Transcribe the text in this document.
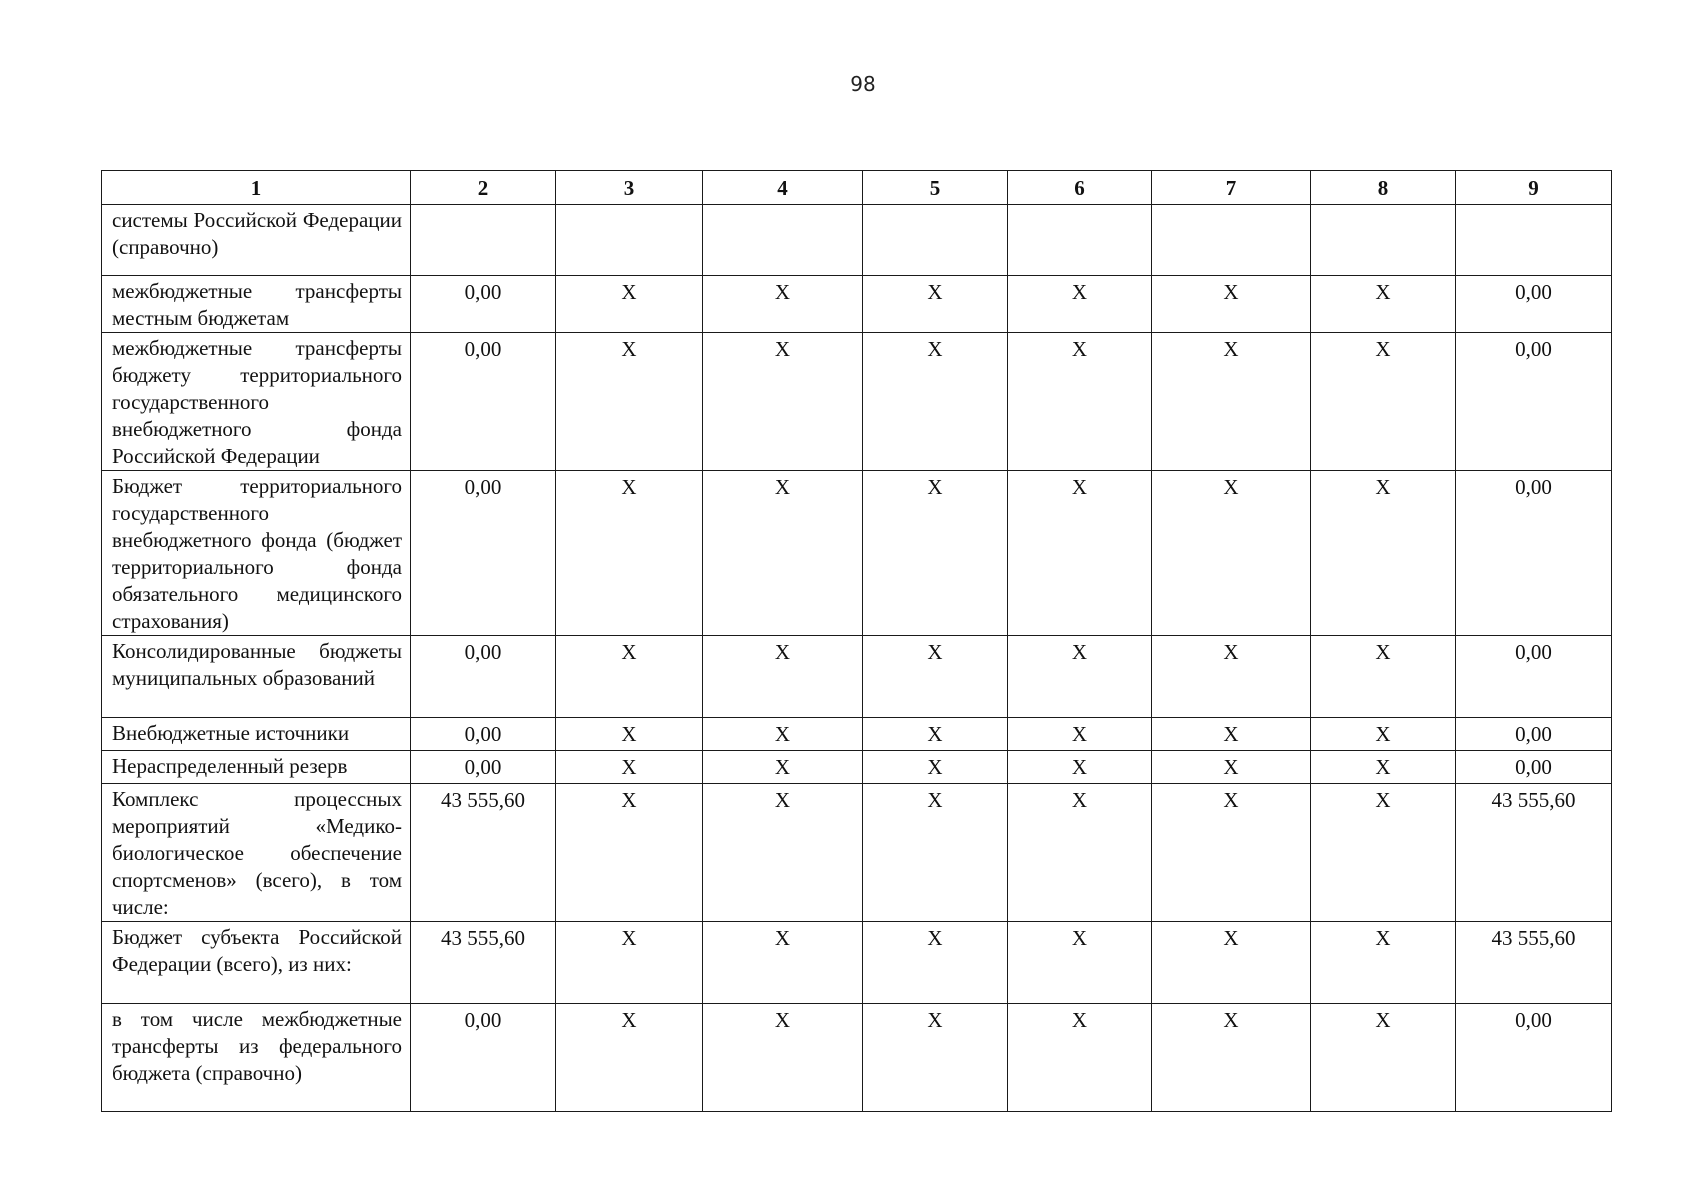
98
1	2	3	4	5	6	7	8	9
системы Российской Федерации (справочно)								
межбюджетные трансферты местным бюджетам	0,00	X	X	X	X	X	X	0,00
межбюджетные трансферты бюджету территориального государственного внебюджетного фонда Российской Федерации	0,00	X	X	X	X	X	X	0,00
Бюджет территориального государственного внебюджетного фонда (бюджет территориального фонда обязательного медицинского страхования)	0,00	X	X	X	X	X	X	0,00
Консолидированные бюджеты муниципальных образований	0,00	X	X	X	X	X	X	0,00
Внебюджетные источники	0,00	X	X	X	X	X	X	0,00
Нераспределенный резерв	0,00	X	X	X	X	X	X	0,00
Комплекс процессных мероприятий «Медико-биологическое обеспечение спортсменов» (всего), в том числе:	43 555,60	X	X	X	X	X	X	43 555,60
Бюджет субъекта Российской Федерации (всего), из них:	43 555,60	X	X	X	X	X	X	43 555,60
в том числе межбюджетные трансферты из федерального бюджета (справочно)	0,00	X	X	X	X	X	X	0,00
